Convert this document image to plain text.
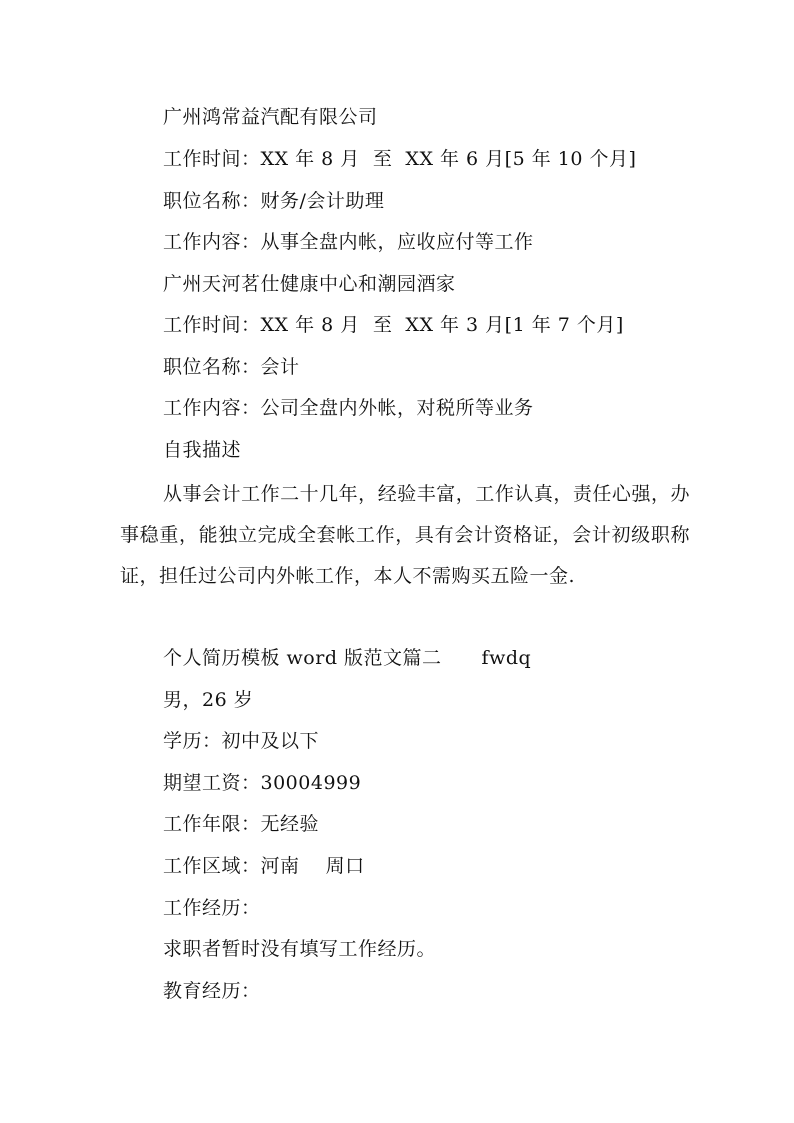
广州鸿常益汽配有限公司
工作时间：XX 年 8 月  至  XX 年 6 月[5 年 10 个月]
职位名称：财务/会计助理
工作内容：从事全盘内帐，应收应付等工作
广州天河茗仕健康中心和潮园酒家
工作时间：XX 年 8 月  至  XX 年 3 月[1 年 7 个月]
职位名称：会计
工作内容：公司全盘内外帐，对税所等业务
自我描述

从事会计工作二十几年，经验丰富，工作认真，责任心强，办事稳重，能独立完成全套帐工作，具有会计资格证，会计初级职称证，担任过公司内外帐工作，本人不需购买五险一金.

个人简历模板 word 版范文篇二 fwdq
男，26 岁
学历：初中及以下
期望工资：30004999
工作年限：无经验
工作区域：河南    周口
工作经历：
求职者暂时没有填写工作经历。
教育经历：
